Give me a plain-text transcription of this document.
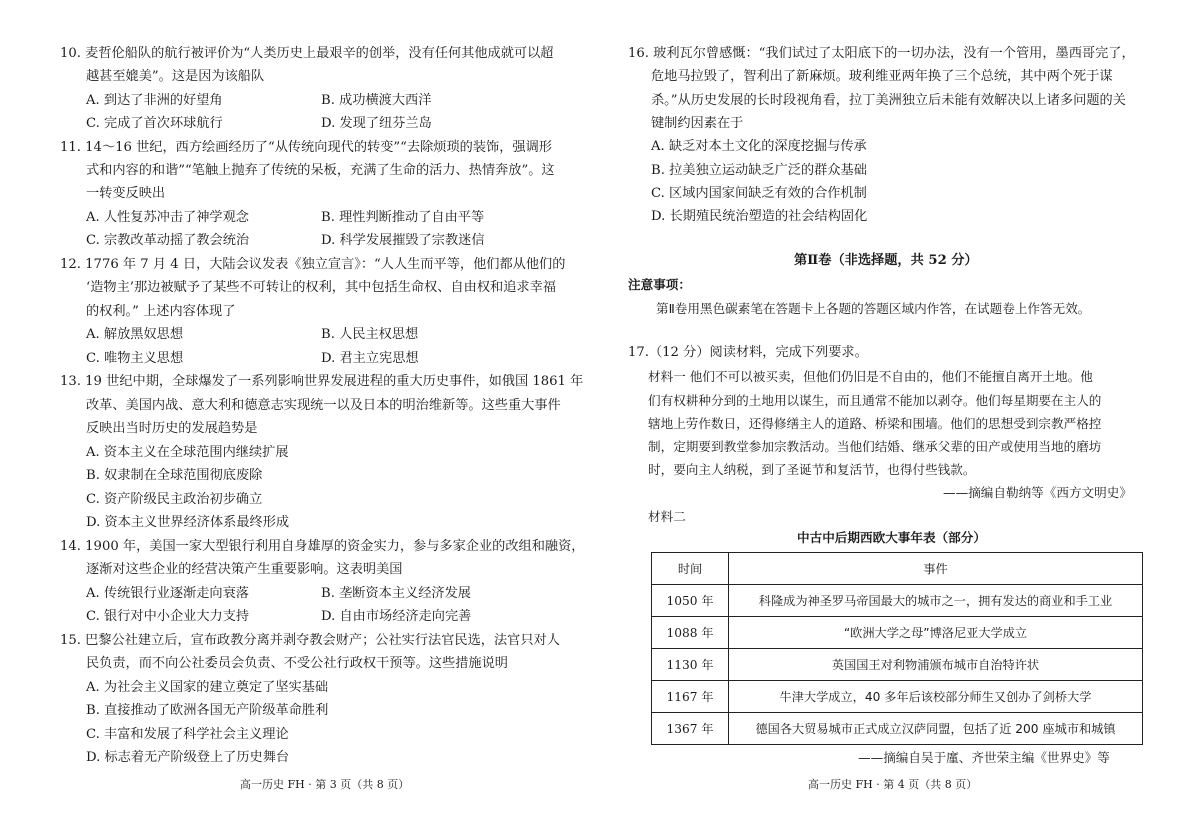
10. 麦哲伦船队的航行被评价为“人类历史上最艰辛的创举，没有任何其他成就可以超
越甚至媲美”。这是因为该船队
A. 到达了非洲的好望角	B. 成功横渡大西洋
C. 完成了首次环球航行	D. 发现了纽芬兰岛
11. 14～16 世纪，西方绘画经历了“从传统向现代的转变”“去除烦琐的装饰，强调形
式和内容的和谐”“笔触上抛弃了传统的呆板，充满了生命的活力、热情奔放”。这
一转变反映出
A. 人性复苏冲击了神学观念	B. 理性判断推动了自由平等
C. 宗教改革动摇了教会统治	D. 科学发展摧毁了宗教迷信
12. 1776 年 7 月 4 日，大陆会议发表《独立宣言》：“人人生而平等，他们都从他们的
‘造物主’那边被赋予了某些不可转让的权利，其中包括生命权、自由权和追求幸福
的权利。” 上述内容体现了
A. 解放黑奴思想	B. 人民主权思想
C. 唯物主义思想	D. 君主立宪思想
13. 19 世纪中期，全球爆发了一系列影响世界发展进程的重大历史事件，如俄国 1861 年
改革、美国内战、意大利和德意志实现统一以及日本的明治维新等。这些重大事件
反映出当时历史的发展趋势是
A. 资本主义在全球范围内继续扩展
B. 奴隶制在全球范围彻底废除
C. 资产阶级民主政治初步确立
D. 资本主义世界经济体系最终形成
14. 1900 年，美国一家大型银行利用自身雄厚的资金实力，参与多家企业的改组和融资，
逐渐对这些企业的经营决策产生重要影响。这表明美国
A. 传统银行业逐渐走向衰落	B. 垄断资本主义经济发展
C. 银行对中小企业大力支持	D. 自由市场经济走向完善
15. 巴黎公社建立后，宣布政教分离并剥夺教会财产；公社实行法官民选，法官只对人
民负责，而不向公社委员会负责、不受公社行政权干预等。这些措施说明
A. 为社会主义国家的建立奠定了坚实基础
B. 直接推动了欧洲各国无产阶级革命胜利
C. 丰富和发展了科学社会主义理论
D. 标志着无产阶级登上了历史舞台
高一历史 FH · 第 3 页（共 8 页）
16. 玻利瓦尔曾感慨：“我们试过了太阳底下的一切办法，没有一个管用，墨西哥完了，
危地马拉毁了，智利出了新麻烦。玻利维亚两年换了三个总统，其中两个死于谋
杀。”从历史发展的长时段视角看，拉丁美洲独立后未能有效解决以上诸多问题的关
键制约因素在于
A. 缺乏对本土文化的深度挖掘与传承
B. 拉美独立运动缺乏广泛的群众基础
C. 区域内国家间缺乏有效的合作机制
D. 长期殖民统治塑造的社会结构固化
第Ⅱ卷（非选择题，共 52 分）
注意事项：
第Ⅱ卷用黑色碳素笔在答题卡上各题的答题区域内作答，在试题卷上作答无效。
17.（12 分）阅读材料，完成下列要求。
材料一 他们不可以被买卖，但他们仍旧是不自由的，他们不能擅自离开土地。他
们有权耕种分到的土地用以谋生，而且通常不能加以剥夺。他们每星期要在主人的
辖地上劳作数日，还得修缮主人的道路、桥梁和围墙。他们的思想受到宗教严格控
制，定期要到教堂参加宗教活动。当他们结婚、继承父辈的田产或使用当地的磨坊
时，要向主人纳税，到了圣诞节和复活节，也得付些钱款。
——摘编自勒纳等《西方文明史》
材料二
中古中后期西欧大事年表（部分）
时间	事件
1050 年	科隆成为神圣罗马帝国最大的城市之一，拥有发达的商业和手工业
1088 年	“欧洲大学之母”博洛尼亚大学成立
1130 年	英国国王对利物浦颁布城市自治特许状
1167 年	牛津大学成立，40 多年后该校部分师生又创办了剑桥大学
1367 年	德国各大贸易城市正式成立汉萨同盟，包括了近 200 座城市和城镇
——摘编自吴于廑、齐世荣主编《世界史》等
高一历史 FH · 第 4 页（共 8 页）
